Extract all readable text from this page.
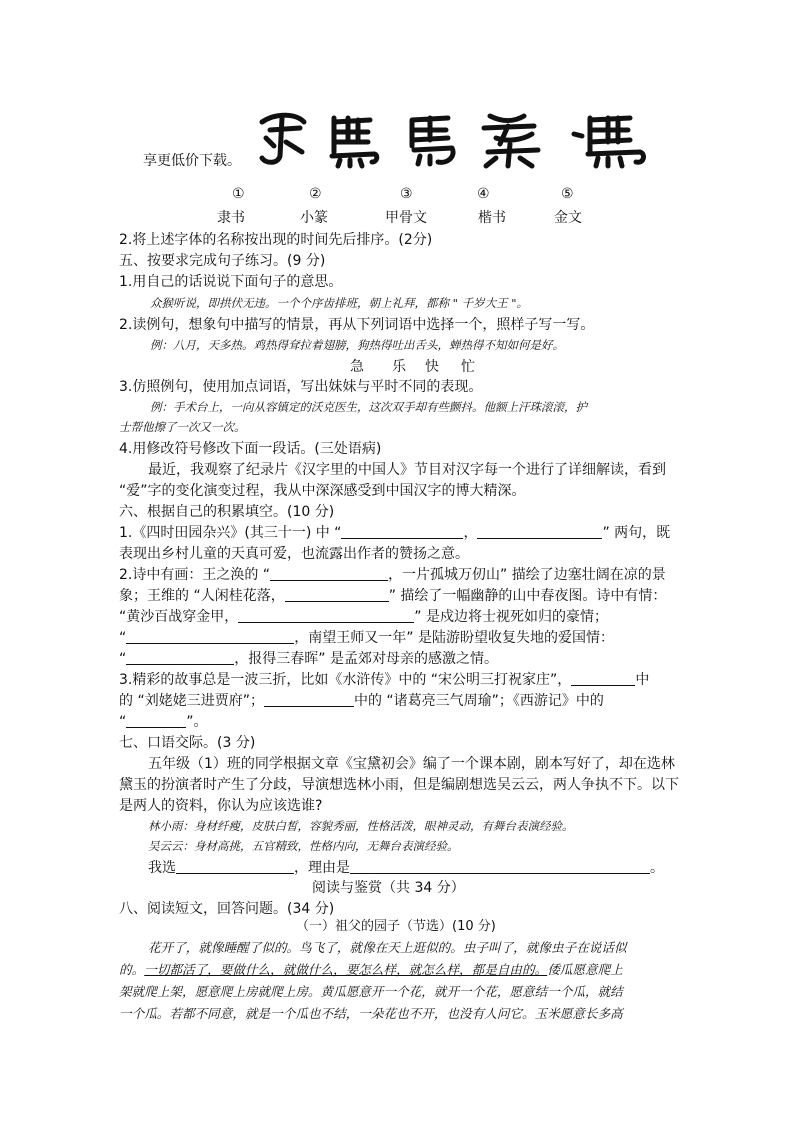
享更低价下载。
①	②	③	④	⑤
隶书	小篆	甲骨文	楷书	金文
2.将上述字体的名称按出现的时间先后排序。(2分)
五、按要求完成句子练习。(9 分)
1.用自己的话说说下面句子的意思。
众猴听说，即拱伏无违。一个个序齿排班，朝上礼拜，都称 " 千岁大王 "。
2.读例句，想象句中描写的情景，再从下列词语中选择一个，照样子写一写。
例：八月，天多热。鸡热得耷拉着翅膀，狗热得吐出舌头，蝉热得不知如何是好。
急 乐 快 忙
3.仿照例句，使用加点词语，写出妹妹与平时不同的表现。
例：手术台上，一向从容镇定的沃克医生，这次双手却有些颤抖。他额上汗珠滚滚，护
士帮他擦了一次又一次。
4.用修改符号修改下面一段话。(三处语病)
最近，我观察了纪录片《汉字里的中国人》节目对汉字每一个进行了详细解读，看到
“爱”字的变化演变过程，我从中深深感受到中国汉字的博大精深。
六、根据自己的积累填空。(10 分)
1.《四时田园杂兴》(其三十一) 中 “	，	” 两句，既
表现出乡村儿童的天真可爱，也流露出作者的赞扬之意。
2.诗中有画：王之涣的 “	，一片孤城万仞山” 描绘了边塞壮阔在凉的景
象；王维的 “人闲桂花落，	” 描绘了一幅幽静的山中春夜图。诗中有情：
“黄沙百战穿金甲，	” 是戍边将士视死如归的豪情；
“	，南望王师又一年” 是陆游盼望收复失地的爱国情：
“	，报得三春晖” 是孟郊对母亲的感激之情。
3.精彩的故事总是一波三折，比如《水浒传》中的 “宋公明三打祝家庄”，	中
的 “刘姥姥三进贾府”；	中的 “诸葛亮三气周瑜”；《西游记》中的
“	”。
七、口语交际。(3 分)
五年级（1）班的同学根据文章《宝黛初会》编了一个课本剧，剧本写好了，却在选林
黛玉的扮演者时产生了分歧，导演想选林小雨，但是编剧想选吴云云，两人争执不下。以下
是两人的资料，你认为应该选谁?
林小雨：身材纤瘦，皮肤白皙，容貌秀丽，性格活泼，眼神灵动，有舞台表演经验。
吴云云：身材高挑，五官精致，性格内向，无舞台表演经验。
我选	，理由是	。
阅读与鉴赏（共 34 分）
八、阅读短文，回答问题。(34 分)
（一）祖父的园子（节选）(10 分)
花开了，就像睡醒了似的。鸟飞了，就像在天上逛似的。虫子叫了，就像虫子在说话似
的。一切都活了，要做什么，就做什么，要怎么样，就怎么样，都是自由的。倭瓜愿意爬上
架就爬上架，愿意爬上房就爬上房。黄瓜愿意开一个花，就开一个花，愿意结一个瓜，就结
一个瓜。若都不同意，就是一个瓜也不结，一朵花也不开，也没有人问它。玉米愿意长多高
